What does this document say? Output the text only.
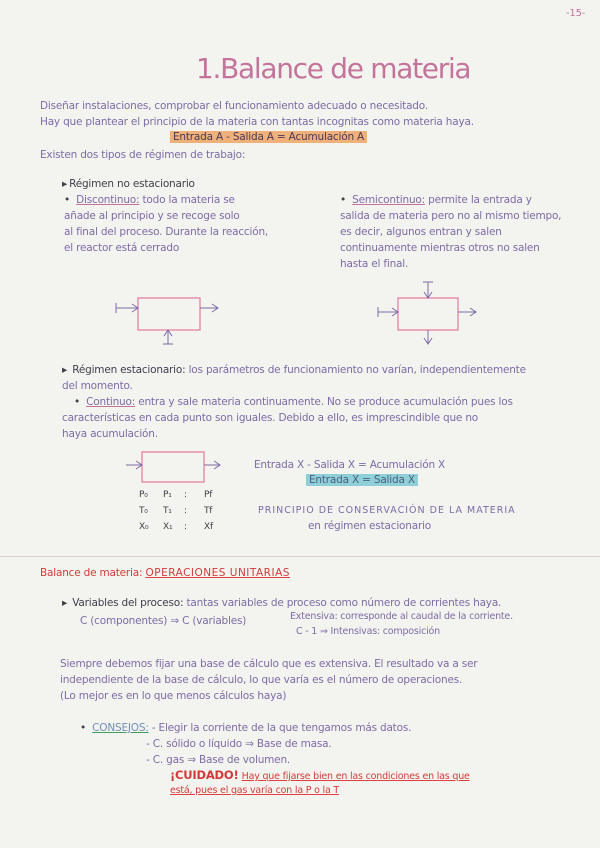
-15-
1.Balance de materia
Diseñar instalaciones, comprobar el funcionamiento adecuado o necesitado.
Hay que plantear el principio de la materia con tantas incognitas como materia haya.
Entrada A - Salida A = Acumulación A
Existen dos tipos de régimen de trabajo:
▸ Régimen no estacionario
• Discontinuo: todo la materia se
añade al principio y se recoge solo
al final del proceso. Durante la reacción,
el reactor está cerrado
• Semicontinuo: permite la entrada y
salida de materia pero no al mismo tiempo,
es decir, algunos entran y salen
continuamente mientras otros no salen
hasta el final.
▸ Régimen estacionario: los parámetros de funcionamiento no varían, independientemente
del momento.
• Continuo: entra y sale materia continuamente. No se produce acumulación pues los
características en cada punto son iguales. Debido a ello, es imprescindible que no
haya acumulación.
P₀ P₁ : Pf
T₀ T₁ : Tf
X₀ X₁ : Xf
Entrada X - Salida X = Acumulación X
Entrada X = Salida X
PRINCIPIO DE CONSERVACIÓN DE LA MATERIA
en régimen estacionario
Balance de materia: OPERACIONES UNITARIAS
▸ Variables del proceso: tantas variables de proceso como número de corrientes haya.
C (componentes) ⇒ C (variables)	Extensiva: corresponde al caudal de la corriente.
C - 1 ⇒ Intensivas: composición
Siempre debemos fijar una base de cálculo que es extensiva. El resultado va a ser
independiente de la base de cálculo, lo que varía es el número de operaciones.
(Lo mejor es en lo que menos cálculos haya)
• CONSEJOS: - Elegir la corriente de la que tengamos más datos.
- C. sólido o líquido ⇒ Base de masa.
- C. gas ⇒ Base de volumen.
¡CUIDADO! Hay que fijarse bien en las condiciones en las que
está, pues el gas varía con la P o la T
